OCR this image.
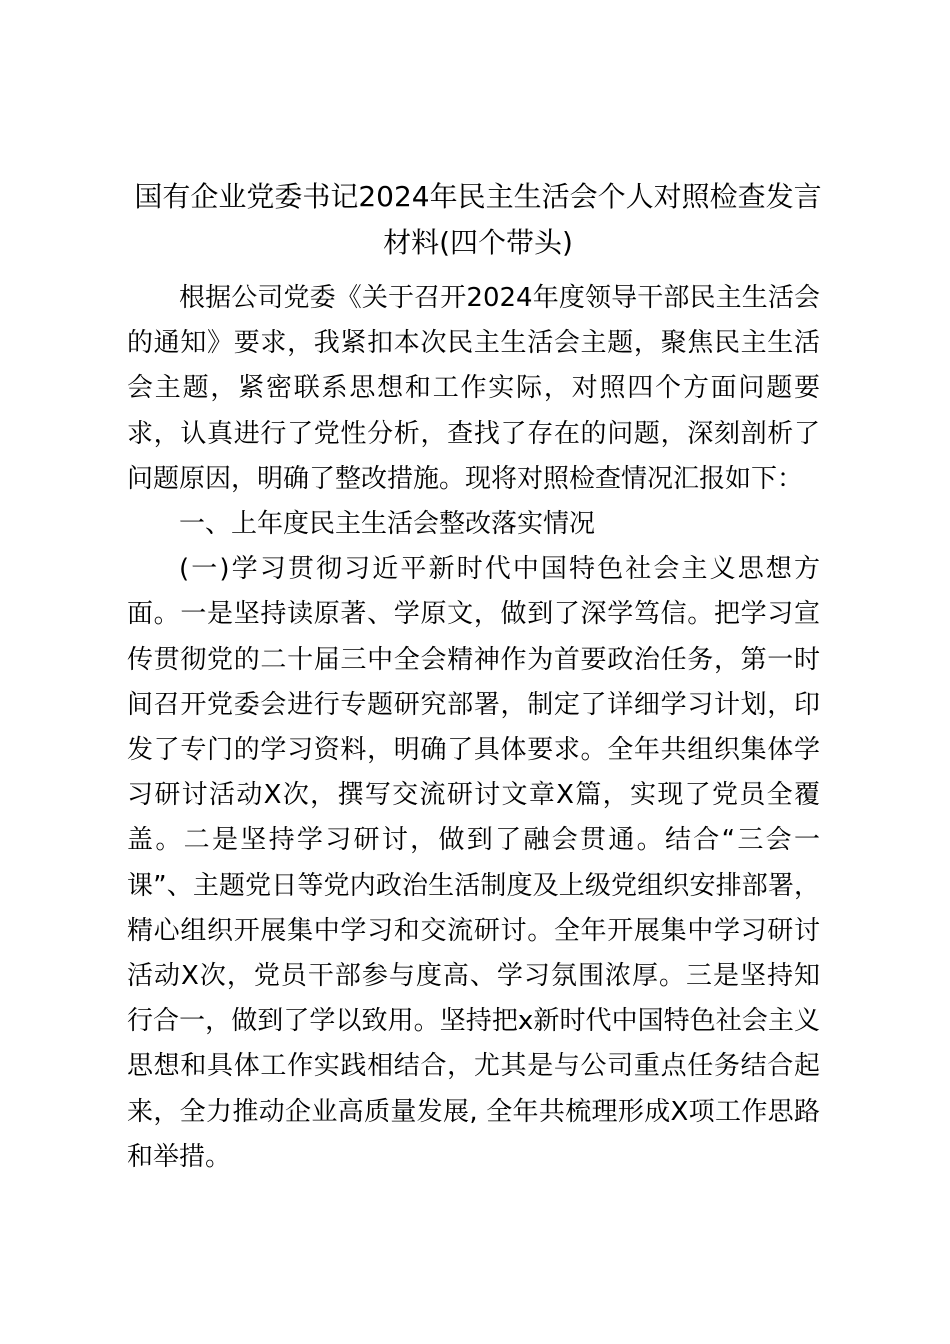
国有企业党委书记2024年民主生活会个人对照检查发言材料(四个带头)

根据公司党委《关于召开2024年度领导干部民主生活会的通知》要求，我紧扣本次民主生活会主题，聚焦民主生活会主题，紧密联系思想和工作实际，对照四个方面问题要求，认真进行了党性分析，查找了存在的问题，深刻剖析了问题原因，明确了整改措施。现将对照检查情况汇报如下：

一、上年度民主生活会整改落实情况

(一)学习贯彻习近平新时代中国特色社会主义思想方面。一是坚持读原著、学原文，做到了深学笃信。把学习宣传贯彻党的二十届三中全会精神作为首要政治任务，第一时间召开党委会进行专题研究部署，制定了详细学习计划，印发了专门的学习资料，明确了具体要求。全年共组织集体学习研讨活动X次，撰写交流研讨文章X篇，实现了党员全覆盖。二是坚持学习研讨，做到了融会贯通。结合“三会一课”、主题党日等党内政治生活制度及上级党组织安排部署，精心组织开展集中学习和交流研讨。全年开展集中学习研讨活动X次，党员干部参与度高、学习氛围浓厚。三是坚持知行合一，做到了学以致用。坚持把x新时代中国特色社会主义思想和具体工作实践相结合，尤其是与公司重点任务结合起来，全力推动企业高质量发展, 全年共梳理形成X项工作思路和举措。
